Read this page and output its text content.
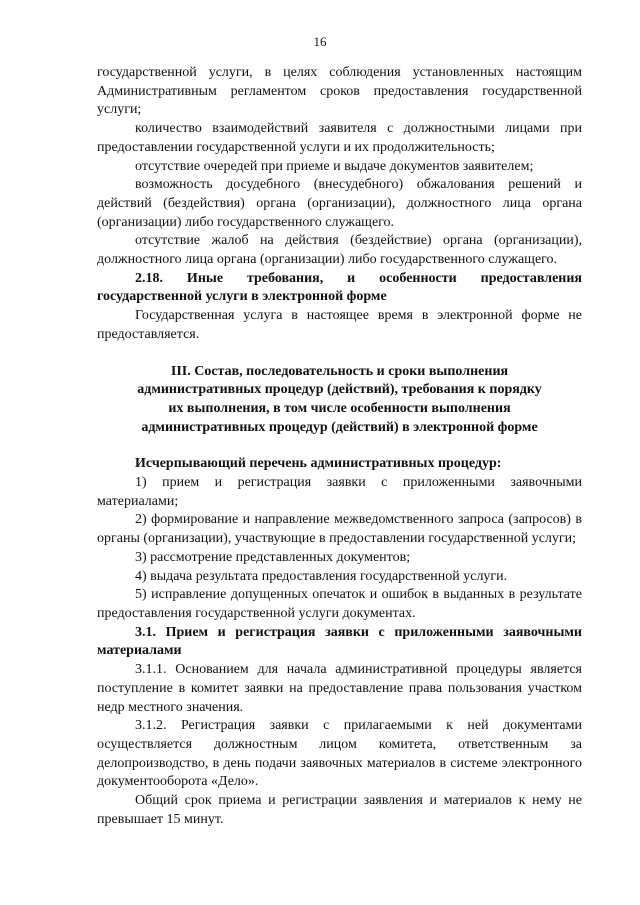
16

государственной услуги, в целях соблюдения установленных настоящим Административным регламентом сроков предоставления государственной услуги;

количество взаимодействий заявителя с должностными лицами при предоставлении государственной услуги и их продолжительность;

отсутствие очередей при приеме и выдаче документов заявителем;

возможность досудебного (внесудебного) обжалования решений и действий (бездействия) органа (организации), должностного лица органа (организации) либо государственного служащего.

отсутствие жалоб на действия (бездействие) органа (организации), должностного лица органа (организации) либо государственного служащего.

2.18. Иные требования, и особенности предоставления государственной услуги в электронной форме

Государственная услуга в настоящее время в электронной форме не предоставляется.

III. Состав, последовательность и сроки выполнения
административных процедур (действий), требования к порядку
их выполнения, в том числе особенности выполнения
административных процедур (действий) в электронной форме

Исчерпывающий перечень административных процедур:

1) прием и регистрация заявки с приложенными заявочными материалами;

2) формирование и направление межведомственного запроса (запросов) в органы (организации), участвующие в предоставлении государственной услуги;

3) рассмотрение представленных документов;

4) выдача результата предоставления государственной услуги.

5) исправление допущенных опечаток и ошибок в выданных в результате предоставления государственной услуги документах.

3.1. Прием и регистрация заявки с приложенными заявочными материалами

3.1.1. Основанием для начала административной процедуры является поступление в комитет заявки на предоставление права пользования участком недр местного значения.

3.1.2. Регистрация заявки с прилагаемыми к ней документами осуществляется должностным лицом комитета, ответственным за делопроизводство, в день подачи заявочных материалов в системе электронного документооборота «Дело».

Общий срок приема и регистрации заявления и материалов к нему не превышает 15 минут.
